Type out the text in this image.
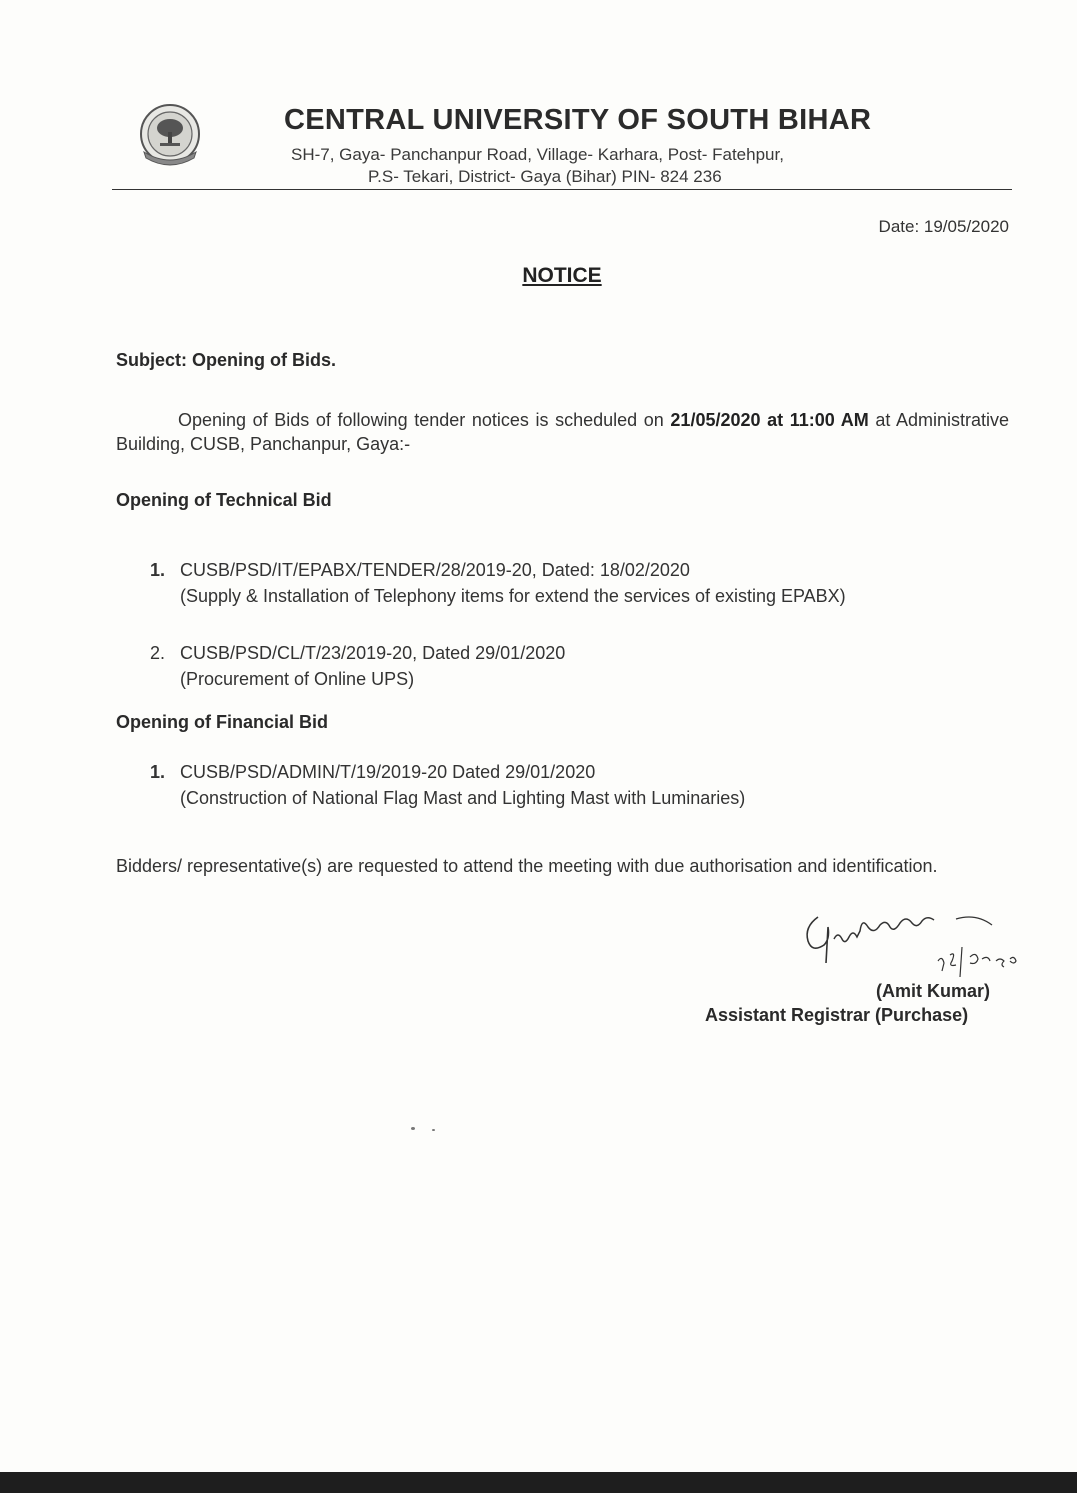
CENTRAL UNIVERSITY OF SOUTH BIHAR
SH-7, Gaya- Panchanpur Road, Village- Karhara, Post- Fatehpur,
P.S- Tekari, District- Gaya (Bihar) PIN- 824 236
Date: 19/05/2020
NOTICE
Subject: Opening of Bids.
Opening of Bids of following tender notices is scheduled on 21/05/2020 at 11:00 AM at Administrative Building, CUSB, Panchanpur, Gaya:-
Opening of Technical Bid
1. CUSB/PSD/IT/EPABX/TENDER/28/2019-20, Dated: 18/02/2020
(Supply & Installation of Telephony items for extend the services of existing EPABX)
2. CUSB/PSD/CL/T/23/2019-20, Dated 29/01/2020
(Procurement of Online UPS)
Opening of Financial Bid
1. CUSB/PSD/ADMIN/T/19/2019-20 Dated 29/01/2020
(Construction of National Flag Mast and Lighting Mast with Luminaries)
Bidders/ representative(s) are requested to attend the meeting with due authorisation and identification.
(Amit Kumar)
Assistant Registrar (Purchase)
